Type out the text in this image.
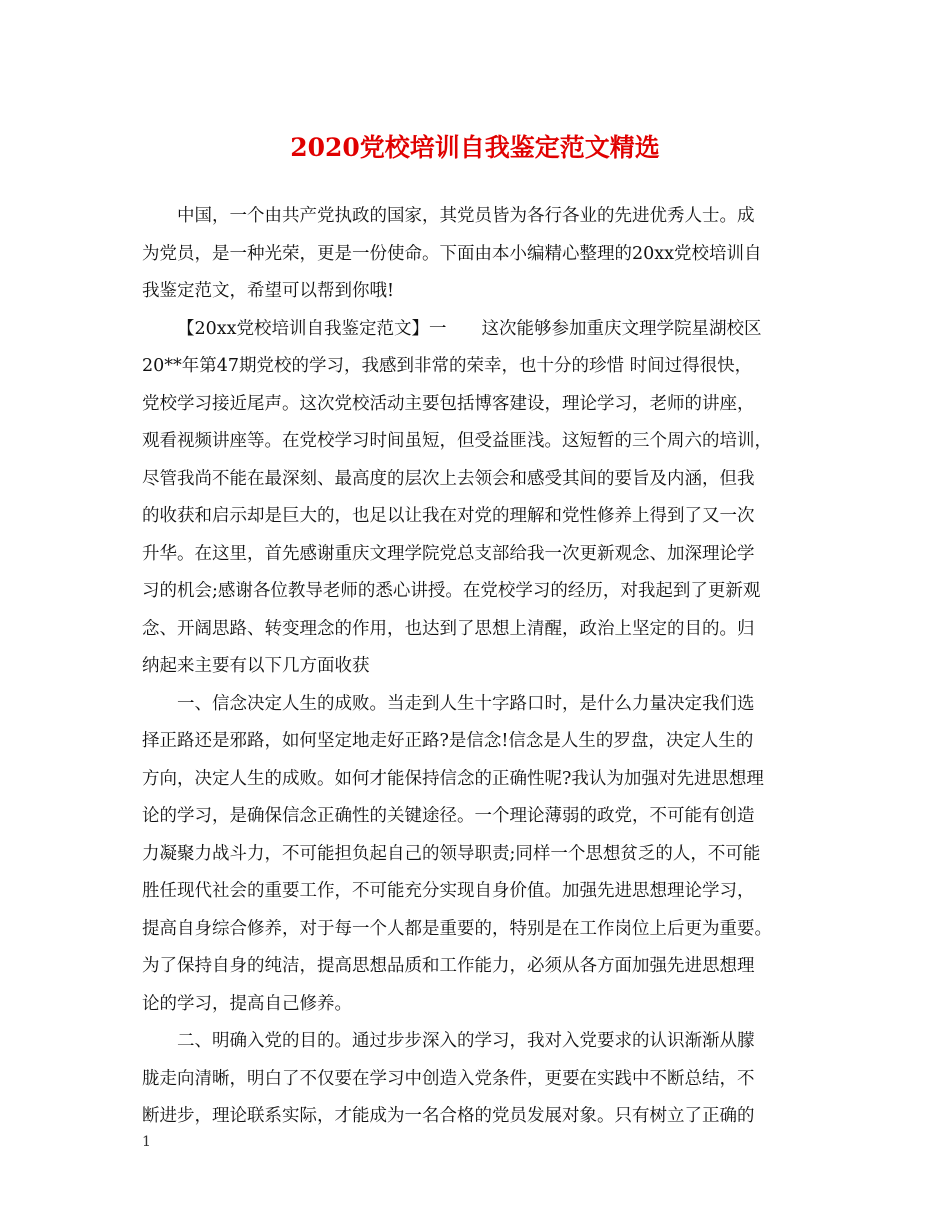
2020党校培训自我鉴定范文精选
中国，一个由共产党执政的国家，其党员皆为各行各业的先进优秀人士。成
为党员，是一种光荣，更是一份使命。下面由本小编精心整理的20xx党校培训自
我鉴定范文，希望可以帮到你哦!
【20xx党校培训自我鉴定范文】一　　这次能够参加重庆文理学院星湖校区
20**年第47期党校的学习，我感到非常的荣幸，也十分的珍惜 时间过得很快，
党校学习接近尾声。这次党校活动主要包括博客建设，理论学习，老师的讲座，
观看视频讲座等。在党校学习时间虽短，但受益匪浅。这短暂的三个周六的培训，
尽管我尚不能在最深刻、最高度的层次上去领会和感受其间的要旨及内涵，但我
的收获和启示却是巨大的，也足以让我在对党的理解和党性修养上得到了又一次
升华。在这里，首先感谢重庆文理学院党总支部给我一次更新观念、加深理论学
习的机会;感谢各位教导老师的悉心讲授。在党校学习的经历，对我起到了更新观
念、开阔思路、转变理念的作用，也达到了思想上清醒，政治上坚定的目的。归
纳起来主要有以下几方面收获
一、信念决定人生的成败。当走到人生十字路口时，是什么力量决定我们选
择正路还是邪路，如何坚定地走好正路?是信念!信念是人生的罗盘，决定人生的
方向，决定人生的成败。如何才能保持信念的正确性呢?我认为加强对先进思想理
论的学习，是确保信念正确性的关键途径。一个理论薄弱的政党，不可能有创造
力凝聚力战斗力，不可能担负起自己的领导职责;同样一个思想贫乏的人，不可能
胜任现代社会的重要工作，不可能充分实现自身价值。加强先进思想理论学习，
提高自身综合修养，对于每一个人都是重要的，特别是在工作岗位上后更为重要。
为了保持自身的纯洁，提高思想品质和工作能力，必须从各方面加强先进思想理
论的学习，提高自己修养。
二、明确入党的目的。通过步步深入的学习，我对入党要求的认识渐渐从朦
胧走向清晰，明白了不仅要在学习中创造入党条件，更要在实践中不断总结，不
断进步，理论联系实际，才能成为一名合格的党员发展对象。只有树立了正确的
1
